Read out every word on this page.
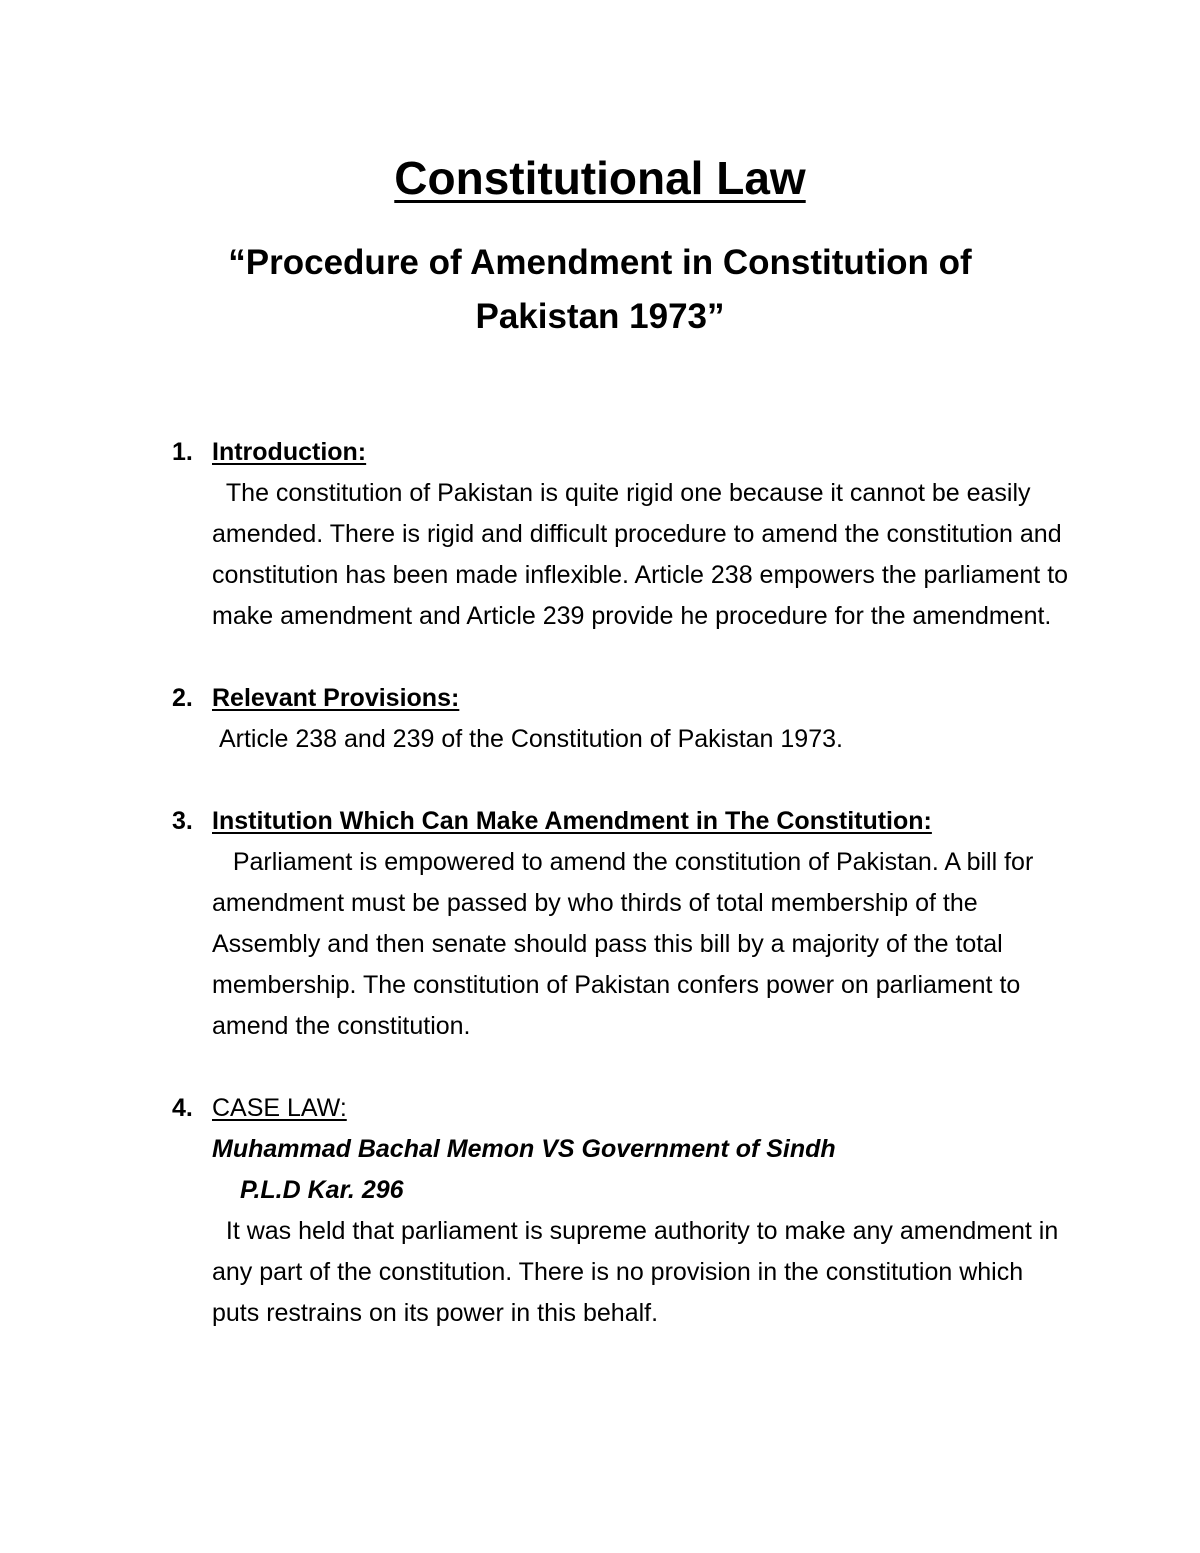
Constitutional Law
“Procedure of Amendment in Constitution of
Pakistan 1973”
1. Introduction:

The constitution of Pakistan is quite rigid one because it cannot be easily amended. There is rigid and difficult procedure to amend the constitution and constitution has been made inflexible. Article 238 empowers the parliament to make amendment and Article 239 provide he procedure for the amendment.

2. Relevant Provisions:

Article 238 and 239 of the Constitution of Pakistan 1973.

3. Institution Which Can Make Amendment in The Constitution:

Parliament is empowered to amend the constitution of Pakistan. A bill for amendment must be passed by who thirds of total membership of the Assembly and then senate should pass this bill by a majority of the total membership. The constitution of Pakistan confers power on parliament to amend the constitution.

4. CASE LAW:
Muhammad Bachal Memon VS Government of Sindh
P.L.D Kar. 296

It was held that parliament is supreme authority to make any amendment in any part of the constitution. There is no provision in the constitution which puts restrains on its power in this behalf.
